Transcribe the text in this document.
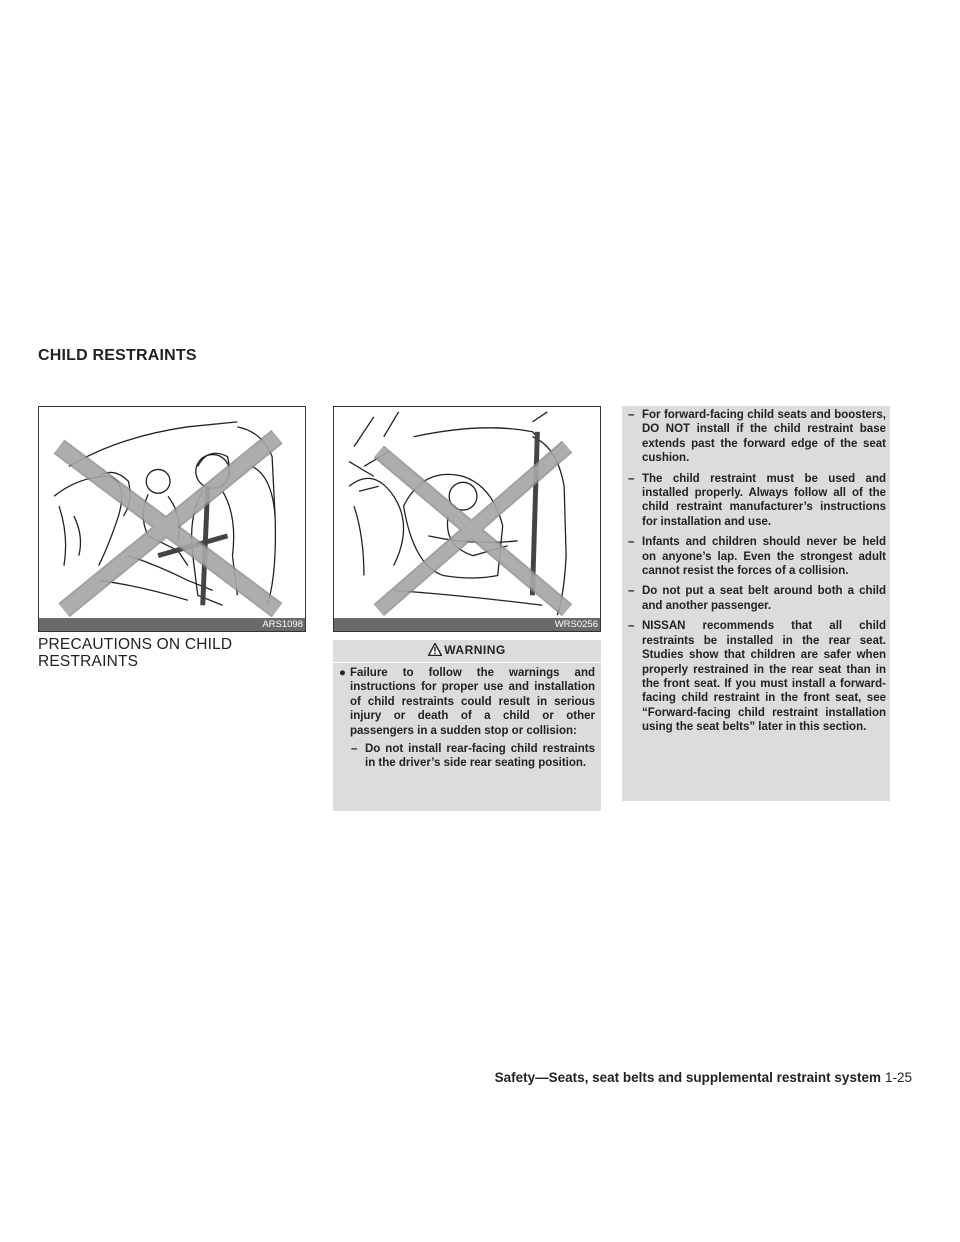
CHILD RESTRAINTS
ARS1098	WRS0256
PRECAUTIONS ON CHILD RESTRAINTS
WARNING
● Failure to follow the warnings and instructions for proper use and installation of child restraints could result in serious injury or death of a child or other passengers in a sudden stop or collision:
– Do not install rear-facing child restraints in the driver’s side rear seating position.
– For forward-facing child seats and boosters, DO NOT install if the child restraint base extends past the forward edge of the seat cushion.
– The child restraint must be used and installed properly. Always follow all of the child restraint manufacturer’s instructions for installation and use.
– Infants and children should never be held on anyone’s lap. Even the strongest adult cannot resist the forces of a collision.
– Do not put a seat belt around both a child and another passenger.
– NISSAN recommends that all child restraints be installed in the rear seat. Studies show that children are safer when properly restrained in the rear seat than in the front seat. If you must install a forward-facing child restraint in the front seat, see “Forward-facing child restraint installation using the seat belts” later in this section.
Safety—Seats, seat belts and supplemental restraint system 1-25
